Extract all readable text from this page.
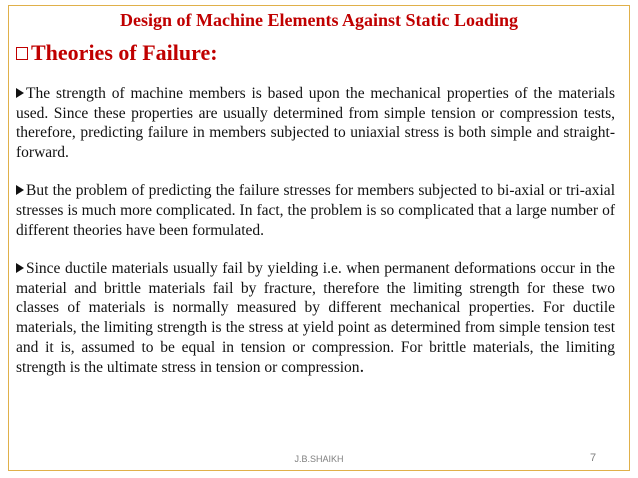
Design of Machine Elements Against Static Loading
Theories of Failure:

The strength of machine members is based upon the mechanical properties of the materials used. Since these properties are usually determined from simple tension or compression tests, therefore, predicting failure in members subjected to uniaxial stress is both simple and straight-forward.

But the problem of predicting the failure stresses for members subjected to bi-axial or tri-axial stresses is much more complicated. In fact, the problem is so complicated that a large number of different theories have been formulated.

Since ductile materials usually fail by yielding i.e. when permanent deformations occur in the material and brittle materials fail by fracture, therefore the limiting strength for these two classes of materials is normally measured by different mechanical properties. For ductile materials, the limiting strength is the stress at yield point as determined from simple tension test and it is, assumed to be equal in tension or compression. For brittle materials, the limiting strength is the ultimate stress in tension or compression.

J.B.SHAIKH	7
